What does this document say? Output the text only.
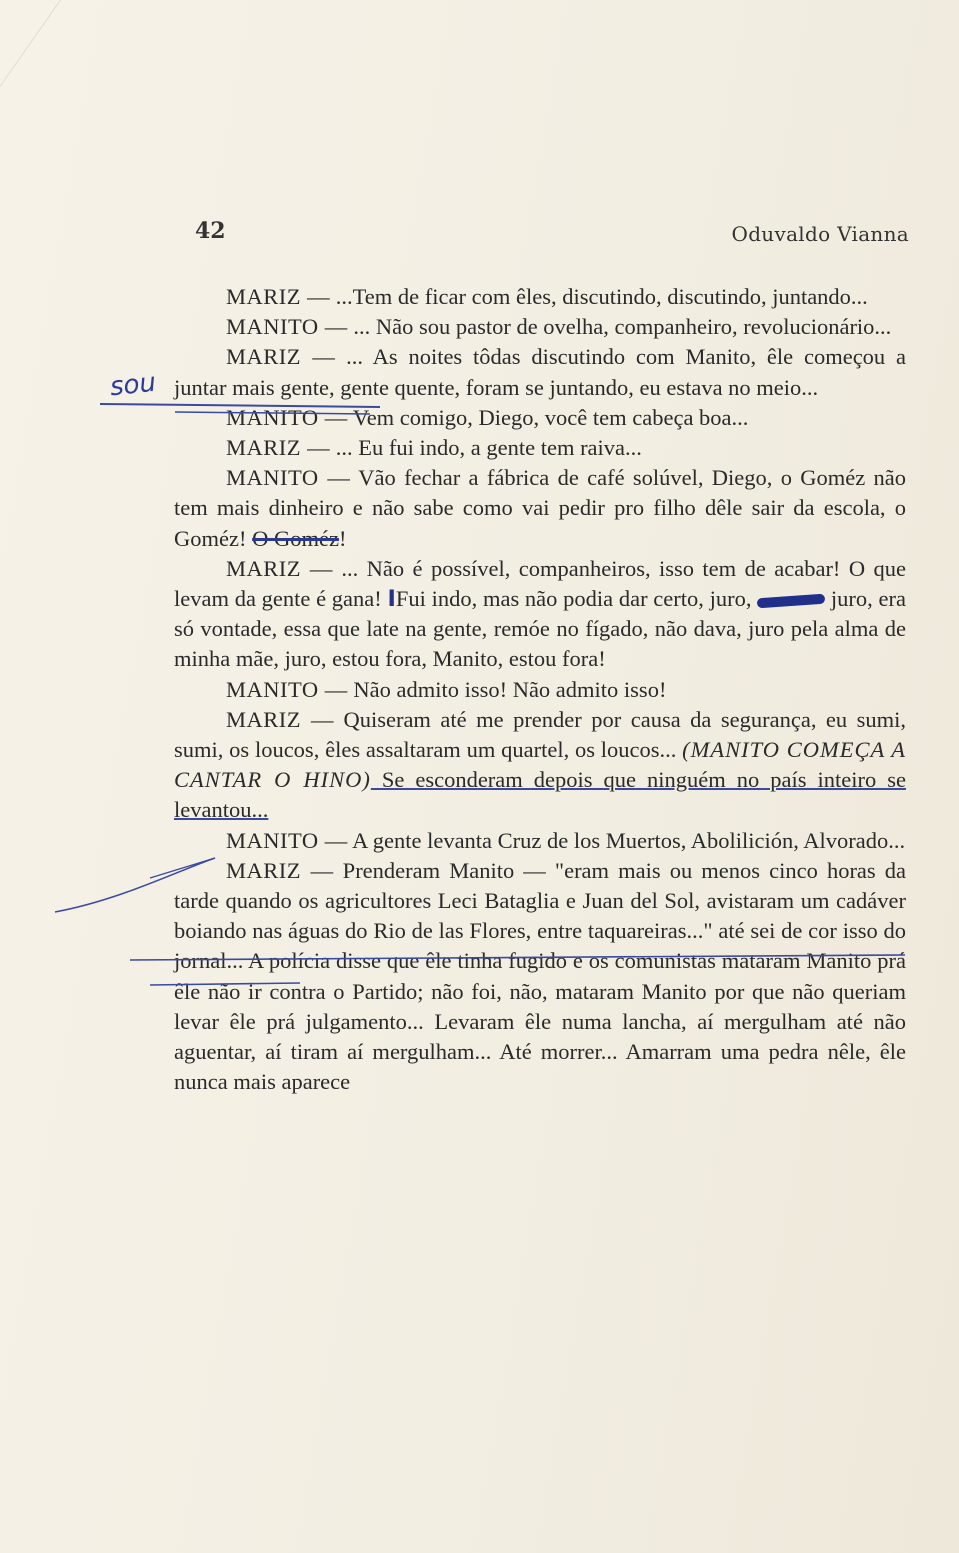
42	Oduvaldo Vianna
sou

MARIZ — ...Tem de ficar com êles, discutindo, discutindo, juntando...

MANITO — ... Não sou pastor de ovelha, companheiro, revolucionário...

MARIZ — ... As noites tôdas discutindo com Manito, êle começou a juntar mais gente, gente quente, foram se juntando, eu estava no meio...

MANITO — Vem comigo, Diego, você tem cabeça boa...

MARIZ — ... Eu fui indo, a gente tem raiva...

MANITO — Vão fechar a fábrica de café solúvel, Diego, o Goméz não tem mais dinheiro e não sabe como vai pedir pro filho dêle sair da escola, o Goméz! O Goméz!

MARIZ — ... Não é possível, companheiros, isso tem de acabar! O que levam da gente é gana! IFui indo, mas não podia dar certo, juro,	juro, era só vontade, essa que late na gente, remóe no fígado, não dava, juro pela alma de minha mãe, juro, estou fora, Manito, estou fora!

MANITO — Não admito isso! Não admito isso!

MARIZ — Quiseram até me prender por causa da segurança, eu sumi, sumi, os loucos, êles assaltaram um quartel, os loucos... (MANITO COMEÇA A CANTAR O HINO) Se esconderam depois que ninguém no país inteiro se levantou...

MANITO — A gente levanta Cruz de los Muertos, Abolilición, Alvorado...

MARIZ — Prenderam Manito — "eram mais ou menos cinco horas da tarde quando os agricultores Leci Bataglia e Juan del Sol, avistaram um cadáver boiando nas águas do Rio de las Flores, entre taquareiras..." até sei de cor isso do jornal... A polícia disse que êle tinha fugido e os comunistas mataram Manito prá êle não ir contra o Partido; não foi, não, mataram Manito por que não queriam levar êle prá julgamento... Levaram êle numa lancha, aí mergulham até não aguentar, aí tiram aí mergulham... Até morrer... Amarram uma pedra nêle, êle nunca mais aparece
